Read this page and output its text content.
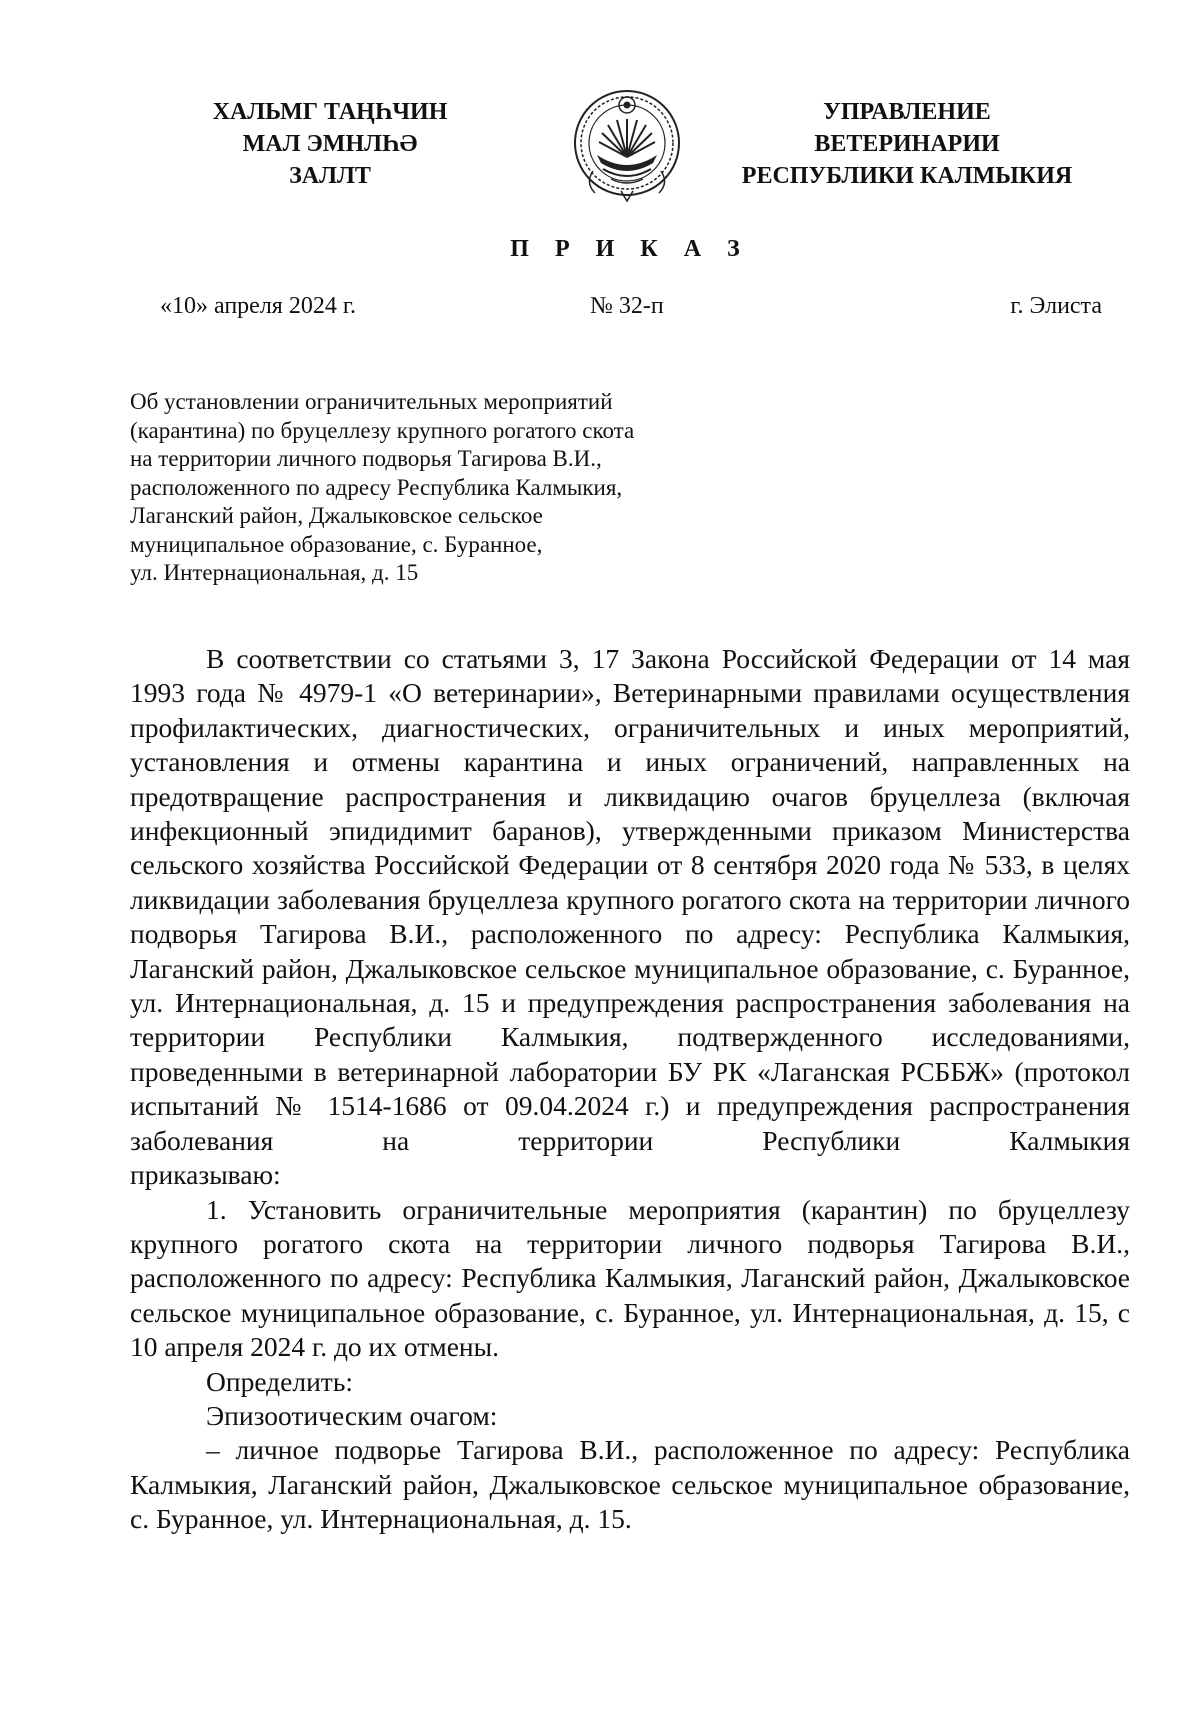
ХАЛЬМГ ТАҢҺЧИН
МАЛ ЭМНЛҺӘ
ЗАЛЛТ
УПРАВЛЕНИЕ
ВЕТЕРИНАРИИ
РЕСПУБЛИКИ КАЛМЫКИЯ
П Р И К А З
«10» апреля 2024 г.	№ 32-п	г. Элиста
Об установлении ограничительных мероприятий
(карантина) по бруцеллезу крупного рогатого скота
на территории личного подворья Тагирова В.И.,
расположенного по адресу Республика Калмыкия,
Лаганский район, Джалыковское сельское
муниципальное образование, с. Буранное,
ул. Интернациональная, д. 15

В соответствии со статьями 3, 17 Закона Российской Федерации от 14 мая 1993 года № 4979-1 «О ветеринарии», Ветеринарными правилами осуществления профилактических, диагностических, ограничительных и иных мероприятий, установления и отмены карантина и иных ограничений, направленных на предотвращение распространения и ликвидацию очагов бруцеллеза (включая инфекционный эпидидимит баранов), утвержденными приказом Министерства сельского хозяйства Российской Федерации от 8 сентября 2020 года № 533, в целях ликвидации заболевания бруцеллеза крупного рогатого скота на территории личного подворья Тагирова В.И., расположенного по адресу: Республика Калмыкия, Лаганский район, Джалыковское сельское муниципальное образование, с. Буранное, ул. Интернациональная, д. 15 и предупреждения распространения заболевания на территории Республики Калмыкия, подтвержденного исследованиями, проведенными в ветеринарной лаборатории БУ РК «Лаганская РСББЖ» (протокол испытаний № 1514-1686 от 09.04.2024 г.) и предупреждения распространения заболевания на территории Республики Калмыкия

приказываю:

1. Установить ограничительные мероприятия (карантин) по бруцеллезу крупного рогатого скота на территории личного подворья Тагирова В.И., расположенного по адресу: Республика Калмыкия, Лаганский район, Джалыковское сельское муниципальное образование, с. Буранное, ул. Интернациональная, д. 15, с 10 апреля 2024 г. до их отмены.

Определить:

Эпизоотическим очагом:

– личное подворье Тагирова В.И., расположенное по адресу: Республика Калмыкия, Лаганский район, Джалыковское сельское муниципальное образование, с. Буранное, ул. Интернациональная, д. 15.
